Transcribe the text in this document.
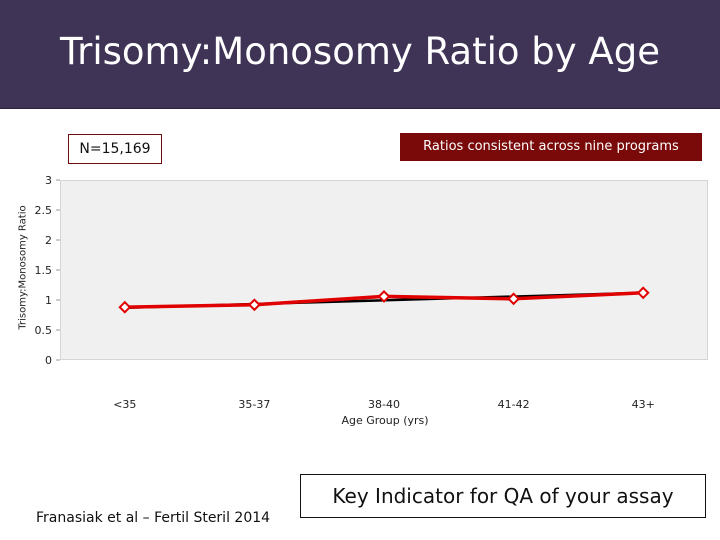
Trisomy:Monosomy Ratio by Age
N=15,169	Ratios consistent across nine programs
0
0.5
1
1.5
2
2.5
3
<35	35-37	38-40	41-42	43+
Trisomy:Monosomy Ratio
Age Group (yrs)
Franasiak et al – Fertil Steril 2014
Key Indicator for QA of your assay
